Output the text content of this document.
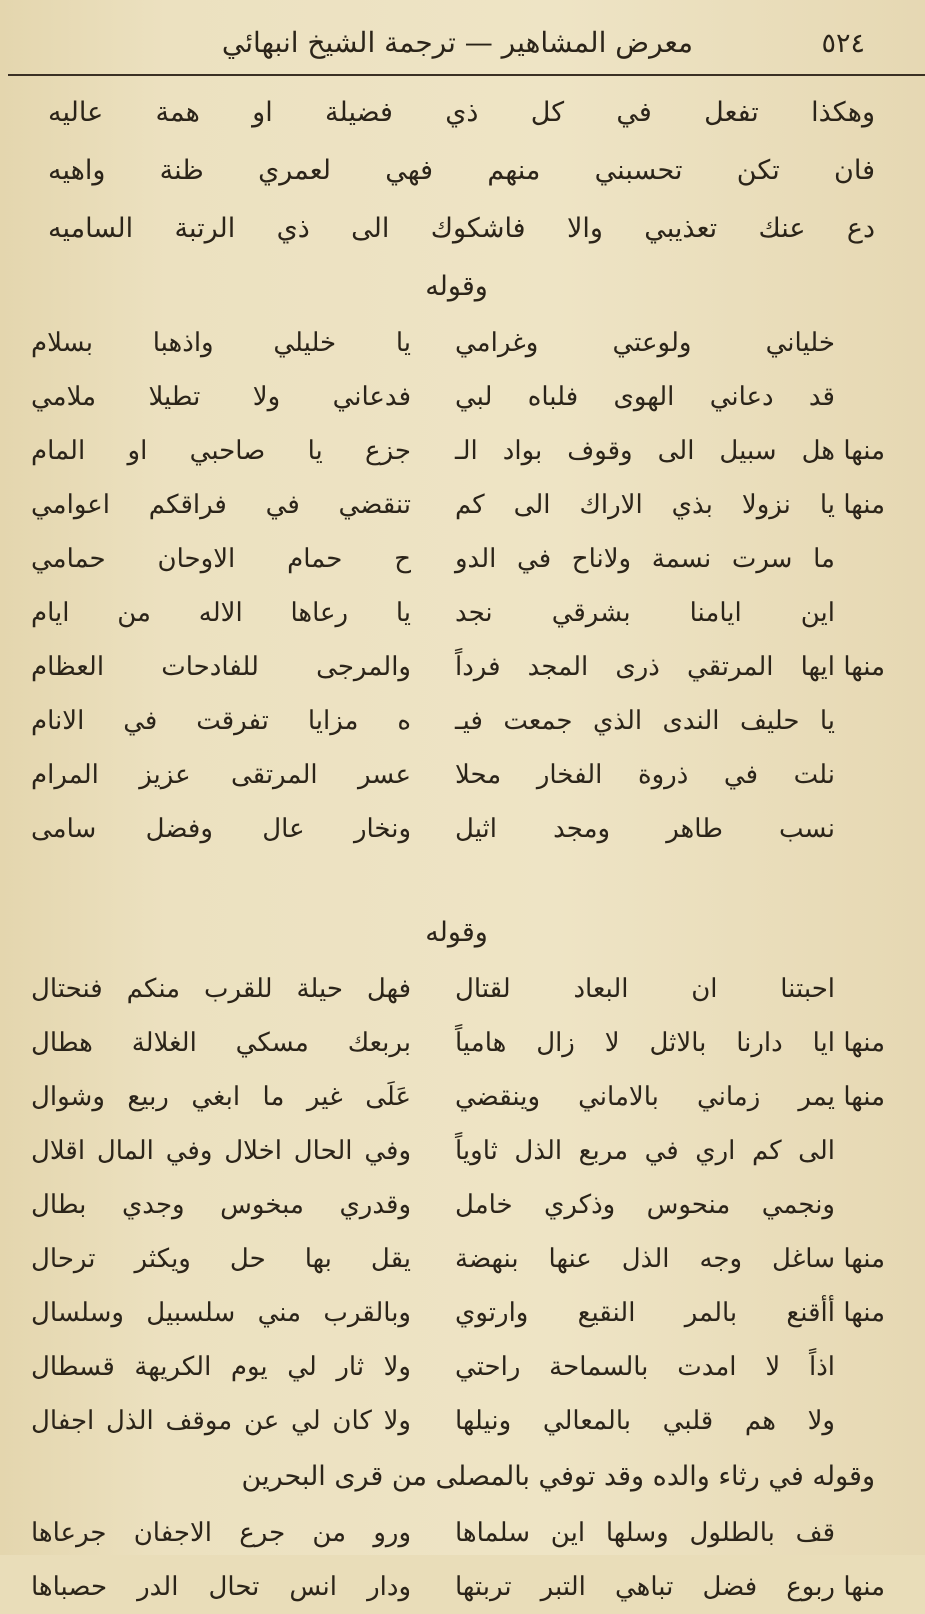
٥٢٤
معرض المشاهير — ترجمة الشيخ انبهائي
وهكذا تفعل في كل ذي فضيلة او همة عاليه
فان تكن تحسبني منهم فهي لعمري ظنة واهيه
دع عنك تعذيبي والا فاشكوك الى ذي الرتبة الساميه
وقوله
خلياني ولوعتي وغرامي
يا خليلي واذهبا بسلام
قد دعاني الهوى فلباه لبي
فدعاني ولا تطيلا ملامي
منها
هل سبيل الى وقوف بواد الـ
جزع يا صاحبي او المام
منها
يا نزولا بذي الاراك الى كم
تنقضي في فراقكم اعوامي
ما سرت نسمة ولاناح في الدو
ح حمام الاوحان حمامي
اين ايامنا بشرقي نجد
يا رعاها الاله من ايام
منها
ايها المرتقي ذرى المجد فرداً
والمرجى للفادحات العظام
يا حليف الندى الذي جمعت فيـ
ه مزايا تفرقت في الانام
نلت في ذروة الفخار محلا
عسر المرتقى عزيز المرام
نسب طاهر ومجد اثيل
ونخار عال وفضل سامى
وقوله
احبتنا ان البعاد لقتال
فهل حيلة للقرب منكم فنحتال
منها
ايا دارنا بالاثل لا زال هامياً
بربعك مسكي الغلالة هطال
منها
يمر زماني بالاماني وينقضي
عَلَى غير ما ابغي ربيع وشوال
الى كم اري في مربع الذل ثاوياً
وفي الحال اخلال وفي المال اقلال
ونجمي منحوس وذكري خامل
وقدري مبخوس وجدي بطال
منها
ساغل وجه الذل عنها بنهضة
يقل بها حل ويكثر ترحال
منها
أأقنع بالمر النقيع وارتوي
وبالقرب مني سلسبيل وسلسال
اذاً لا امدت بالسماحة راحتي
ولا ثار لي يوم الكريهة قسطال
ولا هم قلبي بالمعالي ونيلها
ولا كان لي عن موقف الذل اجفال
وقوله في رثاء والده وقد توفي بالمصلى من قرى البحرين
قف بالطلول وسلها اين سلماها
ورو من جرع الاجفان جرعاها
منها
ربوع فضل تباهي التبر تربتها
ودار انس تحال الدر حصباها
